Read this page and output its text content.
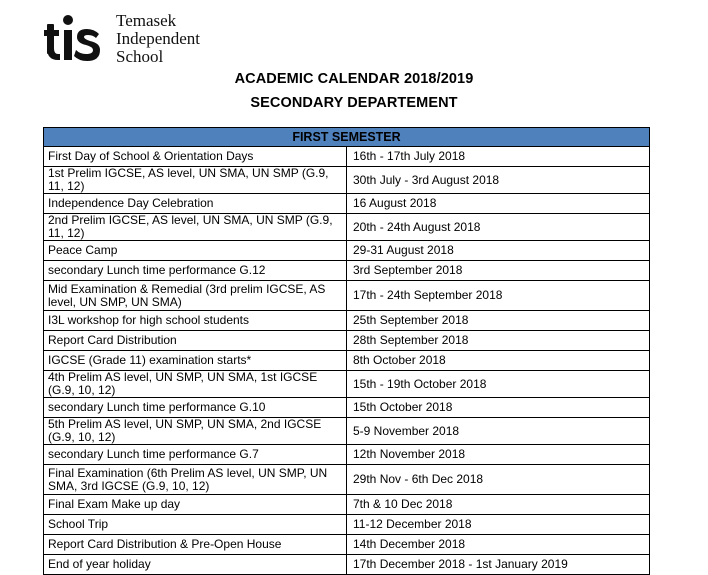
Temasek
Independent
School
ACADEMIC CALENDAR 2018/2019
SECONDARY DEPARTEMENT
FIRST SEMESTER	
First Day of School & Orientation Days	16th - 17th July 2018
1st Prelim IGCSE, AS level, UN SMA, UN SMP (G.9, 11, 12)	30th July - 3rd August 2018
Independence Day Celebration	16 August 2018
2nd Prelim IGCSE, AS level, UN SMA, UN SMP (G.9, 11, 12)	20th - 24th August 2018
Peace Camp	29-31 August 2018
secondary Lunch time performance G.12	3rd September 2018
Mid Examination & Remedial (3rd prelim IGCSE, AS level, UN SMP, UN SMA)	17th - 24th September 2018
I3L workshop for high school students	25th September 2018
Report Card Distribution	28th September 2018
IGCSE (Grade 11) examination starts*	8th October 2018
4th Prelim AS level, UN SMP, UN SMA, 1st IGCSE (G.9, 10, 12)	15th - 19th October 2018
secondary Lunch time performance G.10	15th October 2018
5th Prelim AS level, UN SMP, UN SMA, 2nd IGCSE (G.9, 10, 12)	5-9 November 2018
secondary Lunch time performance G.7	12th November 2018
Final Examination (6th Prelim AS level, UN SMP, UN SMA, 3rd IGCSE (G.9, 10, 12)	29th Nov - 6th Dec 2018
Final Exam Make up day	7th & 10 Dec 2018
School Trip	11-12 December 2018
Report Card Distribution & Pre-Open House	14th December 2018
End of year holiday	17th December 2018 - 1st January 2019
